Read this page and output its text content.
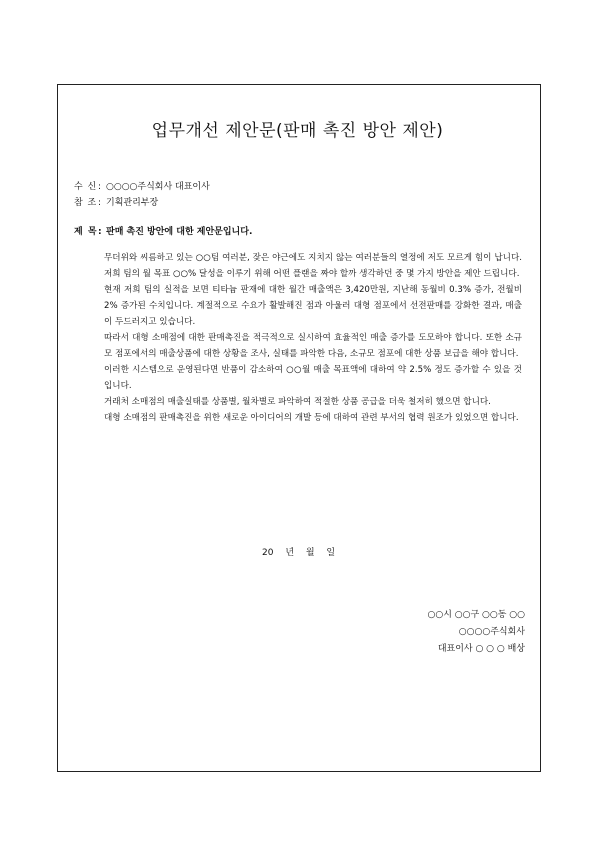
업무개선 제안문(판매 촉진 방안 제안)
수 신: ○○○○주식회사 대표이사
참 조: 기획관리부장
제 목: 판매 촉진 방안에 대한 제안문입니다.

무더위와 씨름하고 있는 ○○팀 여러분, 잦은 야근에도 지치지 않는 여러분들의 열정에 저도 모르게 힘이 납니다. 저희 팀의 월 목표 ○○% 달성을 이루기 위해 어떤 플랜을 짜야 할까 생각하던 중 몇 가지 방안을 제안 드립니다.

현재 저희 팀의 실적을 보면 티타늄 판재에 대한 월간 매출액은 3,420만원, 지난해 동월비 0.3% 증가, 전월비 2% 증가된 수치입니다. 계절적으로 수요가 활발해진 점과 아울러 대형 점포에서 선전판매를 강화한 결과, 매출이 두드러지고 있습니다.

따라서 대형 소매점에 대한 판매촉진을 적극적으로 실시하여 효율적인 매출 증가를 도모하야 합니다. 또한 소규모 점포에서의 매출상품에 대한 상황을 조사, 실태를 파악한 다음, 소규모 점포에 대한 상품 보급을 해야 합니다.

이러한 시스템으로 운영된다면 반품이 감소하여 ○○월 매출 목표액에 대하여 약 2.5% 정도 증가할 수 있을 것입니다.

거래처 소매점의 매출실태를 상품별, 월차별로 파악하여 적절한 상품 공급을 더욱 철저히 했으면 합니다.

대형 소매점의 판매촉진을 위한 새로운 아이디어의 개발 등에 대하여 관련 부서의 협력 원조가 있었으면 합니다.

20 년 월 일
○○시 ○○구 ○○동 ○○
○○○○주식회사
대표이사 ○ ○ ○ 배상
